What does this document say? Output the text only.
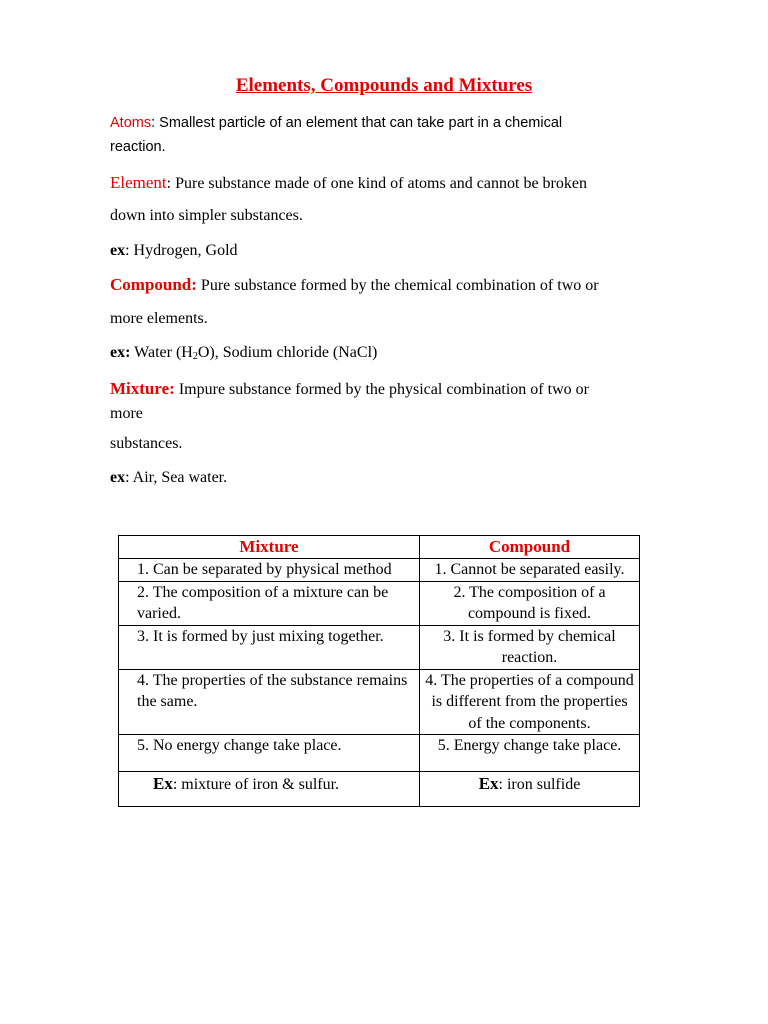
Elements, Compounds and Mixtures

Atoms: Smallest particle of an element that can take part in a chemical
reaction.

Element: Pure substance made of one kind of atoms and cannot be broken

down into simpler substances.

ex: Hydrogen, Gold

Compound: Pure substance formed by the chemical combination of two or

more elements.

ex: Water $(H_2O)$, Sodium chloride (NaCl)

Mixture: Impure substance formed by the physical combination of two or
more

substances.

ex: Air, Sea water.

Mixture	Compound
1. Can be separated by physical method	1. Cannot be separated easily.
2. The composition of a mixture can be varied.	2. The composition of a compound is fixed.
3. It is formed by just mixing together.	3. It is formed by chemical reaction.
4. The properties of the substance remains the same.	4. The properties of a compound is different from the properties of the components.
5. No energy change take place.	5. Energy change take place.
Ex: mixture of iron & sulfur.	Ex: iron sulfide
